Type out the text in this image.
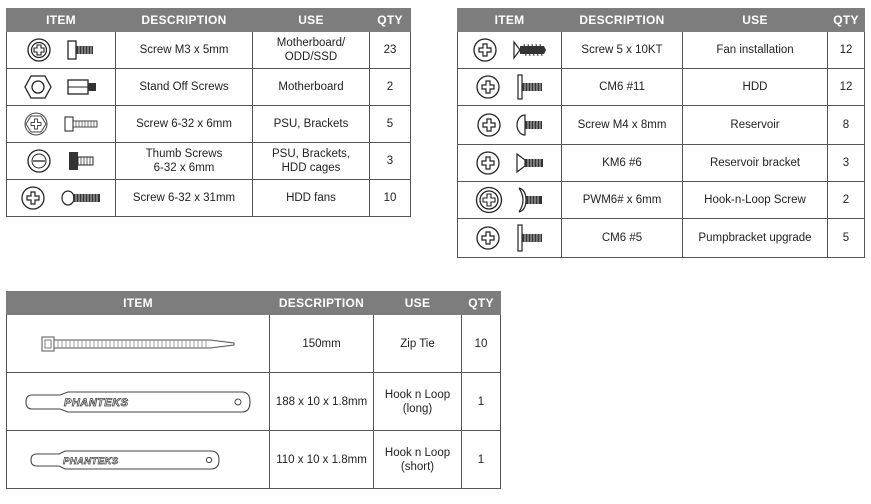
ITEM	DESCRIPTION	USE	QTY

	Screw M3 x 5mm	Motherboard/
ODD/SSD	23

	Stand Off Screws	Motherboard	2

	Screw 6-32 x 6mm	PSU, Brackets	5

	Thumb Screws
6-32 x 6mm	PSU, Brackets,
HDD cages	3

	Screw 6-32 x 31mm	HDD fans	10
ITEM	DESCRIPTION	USE	QTY

	Screw 5 x 10KT	Fan installation	12

	CM6 #11	HDD	12

	Screw M4 x 8mm	Reservoir	8

	KM6 #6	Reservoir bracket	3

	PWM6# x 6mm	Hook-n-Loop Screw	2

	CM6 #5	Pumpbracket upgrade	5
ITEM	DESCRIPTION	USE	QTY

	150mm	Zip Tie	10

PHANTEKS	188 x 10 x 1.8mm	Hook n Loop
(long)	1

PHANTEKS	110 x 10 x 1.8mm	Hook n Loop
(short)	1
